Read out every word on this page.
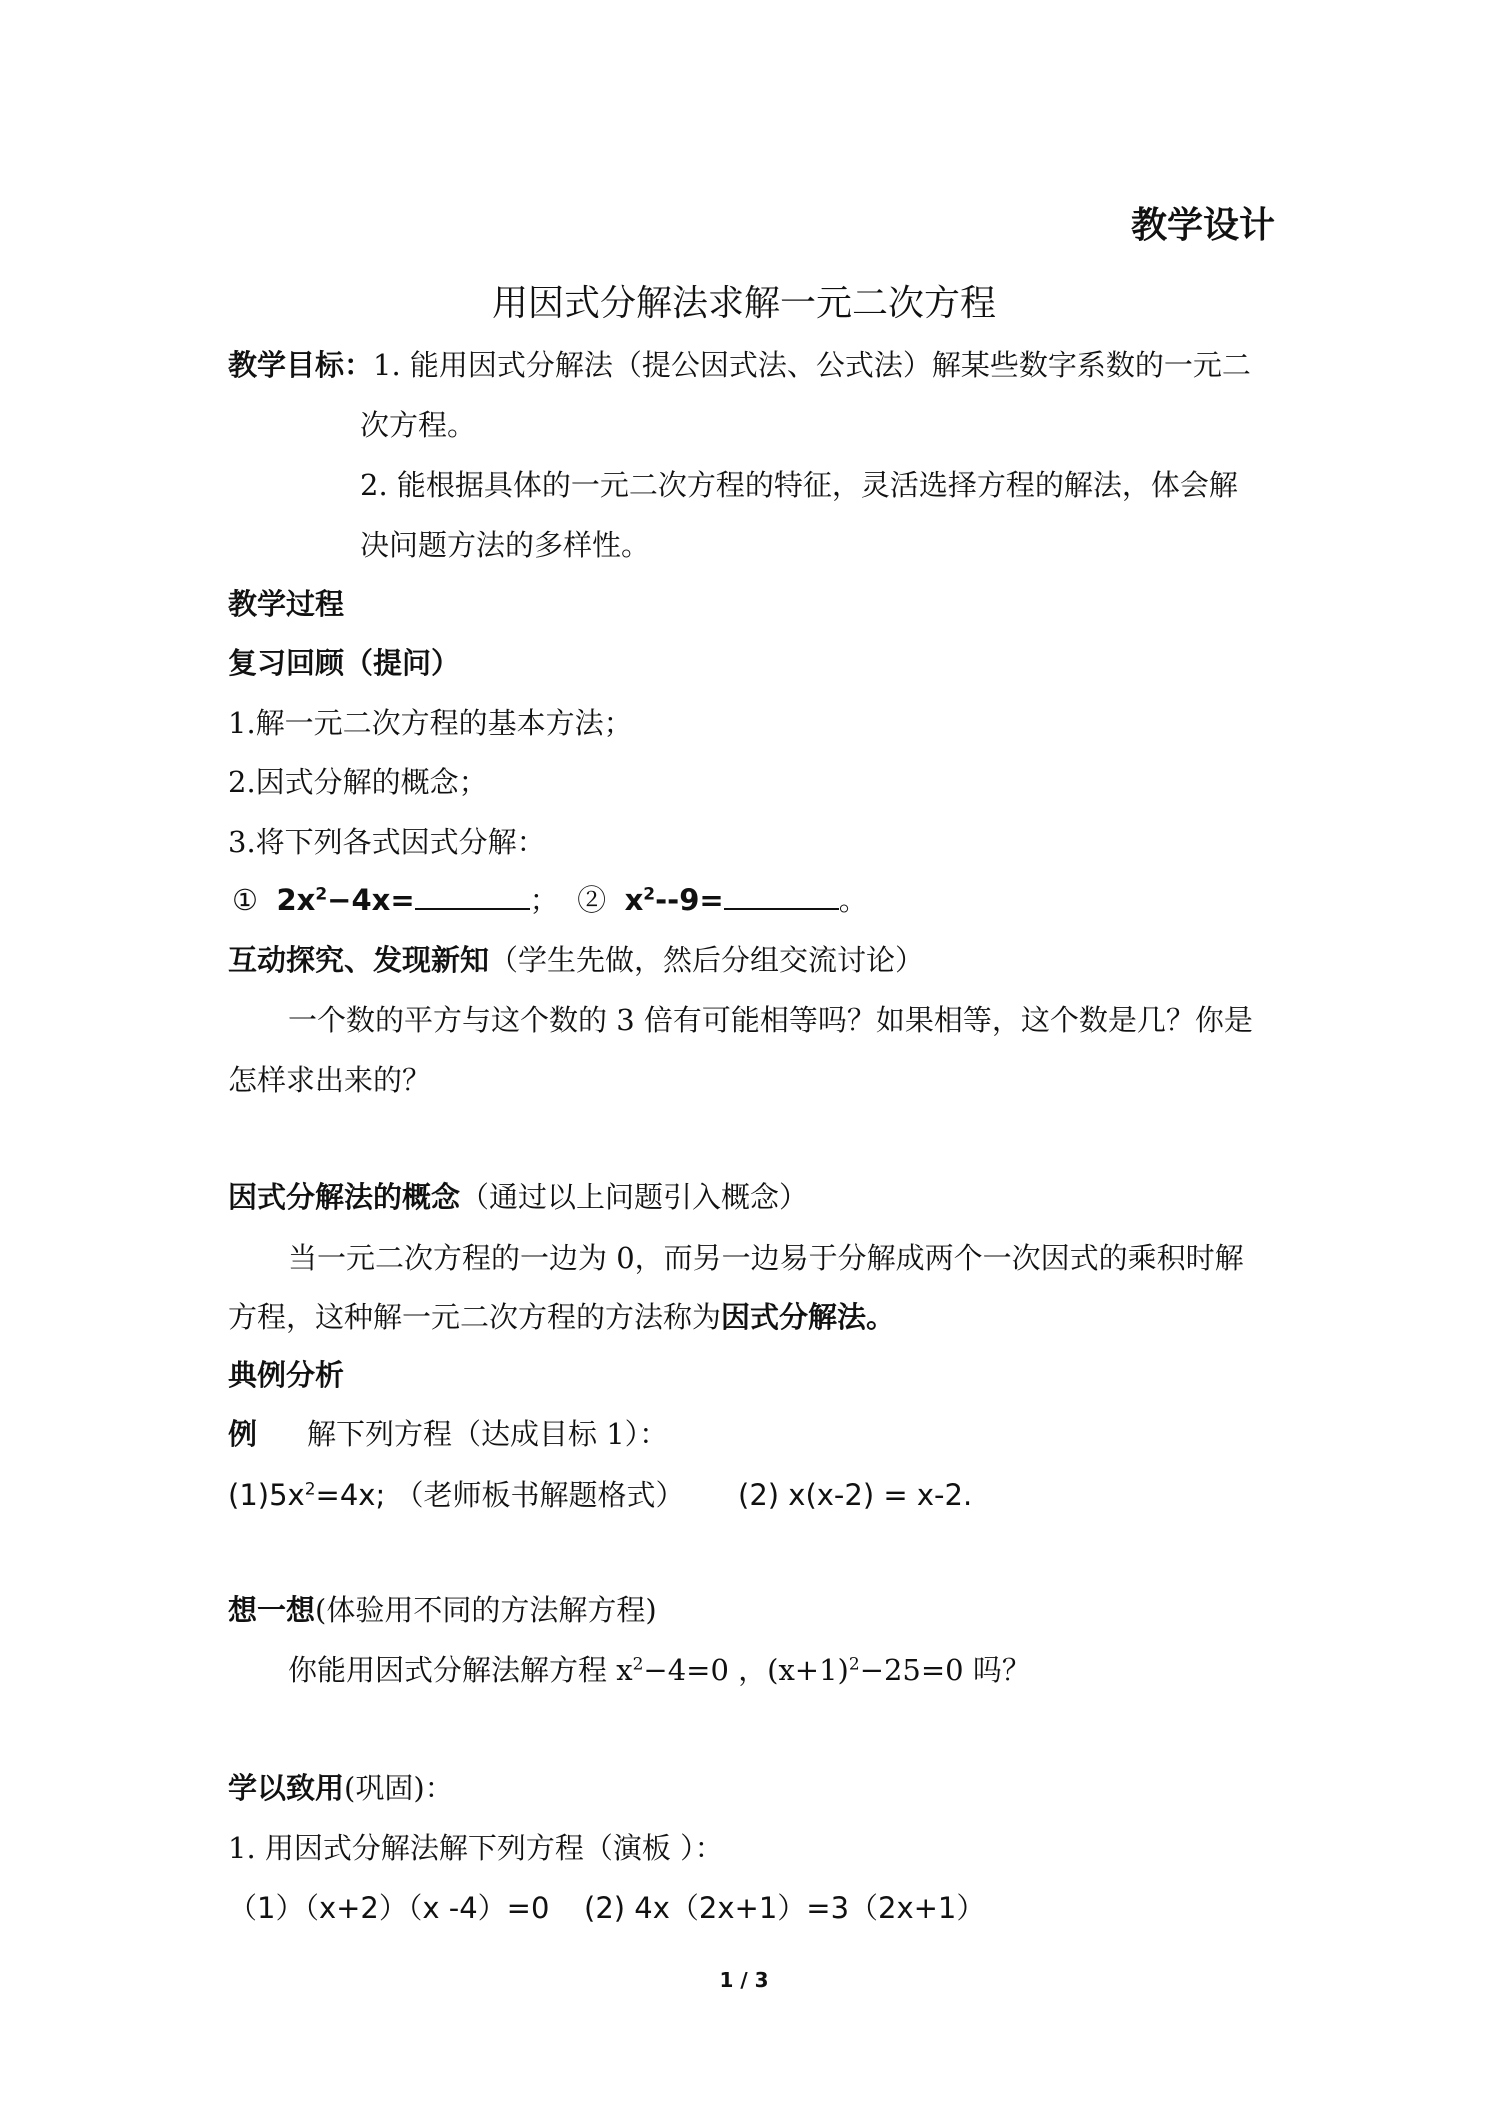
教学设计
用因式分解法求解一元二次方程
教学目标：1. 能用因式分解法（提公因式法、公式法）解某些数字系数的一元二
次方程。
2. 能根据具体的一元二次方程的特征，灵活选择方程的解法，体会解
决问题方法的多样性。
教学过程
复习回顾（提问）
1.解一元二次方程的基本方法；
2.因式分解的概念；
3.将下列各式因式分解：
① $2x^2-4x=$	； ② $x^2--9=$	。
互动探究、发现新知（学生先做，然后分组交流讨论）
一个数的平方与这个数的 3 倍有可能相等吗？如果相等，这个数是几？你是
怎样求出来的？
因式分解法的概念（通过以上问题引入概念）
当一元二次方程的一边为 0，而另一边易于分解成两个一次因式的乘积时解
方程，这种解一元二次方程的方法称为因式分解法。
典例分析
例 解下列方程（达成目标 1）：
$(1)5x^2=4x$; （老师板书解题格式） (2) x(x-2) = x-2.
想一想(体验用不同的方法解方程)
你能用因式分解法解方程 $x^2-4=0$ ，$(x+1)^2-25=0$ 吗？
学以致用(巩固)：
1. 用因式分解法解下列方程（演板 ）：
（1）（x+2）（x -4）=0 (2) 4x（2x+1）=3（2x+1）
1 / 3
